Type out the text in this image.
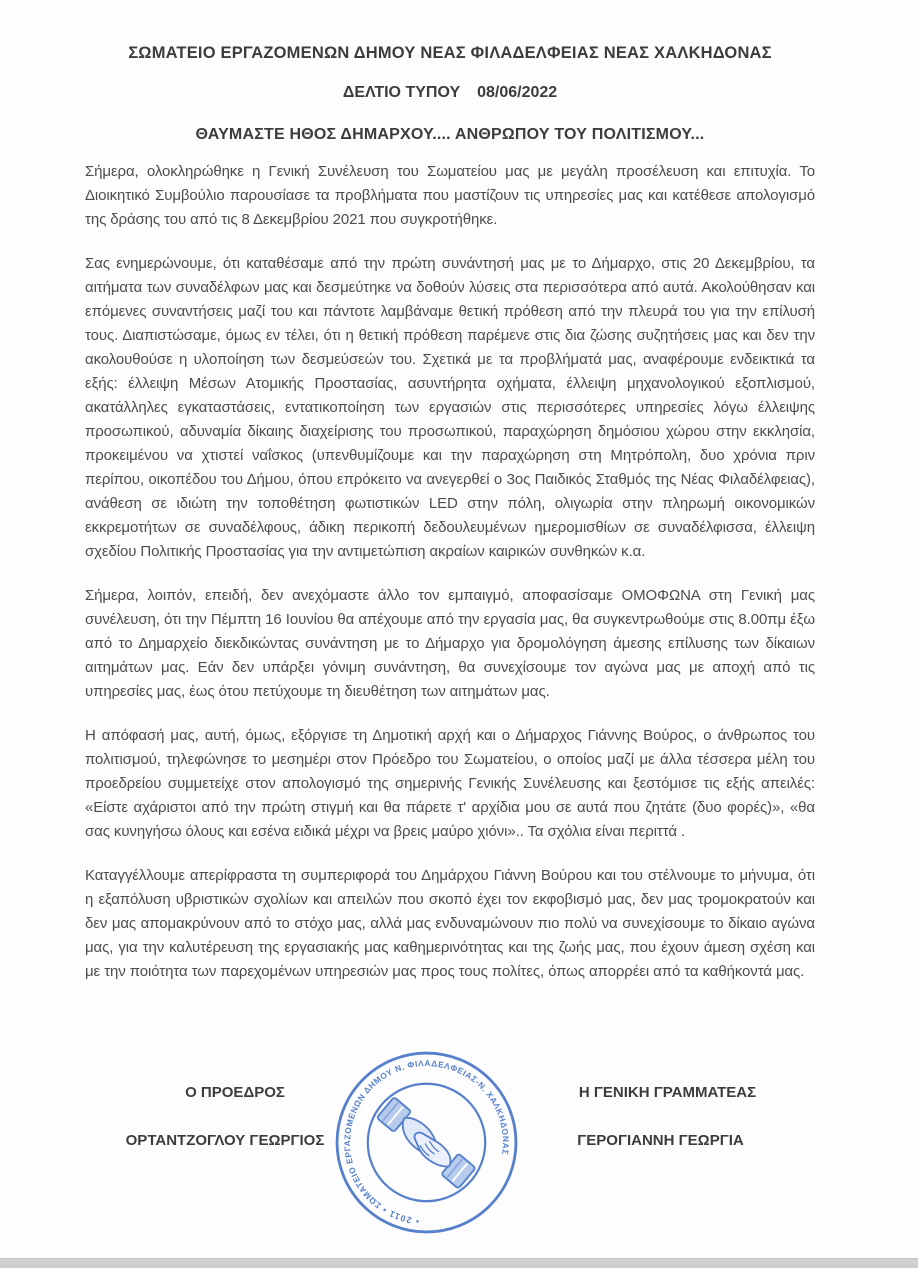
ΣΩΜΑΤΕΙΟ ΕΡΓΑΖΟΜΕΝΩΝ ΔΗΜΟΥ ΝΕΑΣ ΦΙΛΑΔΕΛΦΕΙΑΣ ΝΕΑΣ ΧΑΛΚΗΔΟΝΑΣ
ΔΕΛΤΙΟ ΤΥΠΟΥ 08/06/2022
ΘΑΥΜΑΣΤΕ ΗΘΟΣ ΔΗΜΑΡΧΟΥ.... ΑΝΘΡΩΠΟΥ ΤΟΥ ΠΟΛΙΤΙΣΜΟΥ...

Σήμερα, ολοκληρώθηκε η Γενική Συνέλευση του Σωματείου μας με μεγάλη προσέλευση και επιτυχία. Το Διοικητικό Συμβούλιο παρουσίασε τα προβλήματα που μαστίζουν τις υπηρεσίες μας και κατέθεσε απολογισμό της δράσης του από τις 8 Δεκεμβρίου 2021 που συγκροτήθηκε.

Σας ενημερώνουμε, ότι καταθέσαμε από την πρώτη συνάντησή μας με το Δήμαρχο, στις 20 Δεκεμβρίου, τα αιτήματα των συναδέλφων μας και δεσμεύτηκε να δοθούν λύσεις στα περισσότερα από αυτά. Ακολούθησαν και επόμενες συναντήσεις μαζί του και πάντοτε λαμβάναμε θετική πρόθεση από την πλευρά του για την επίλυσή τους. Διαπιστώσαμε, όμως εν τέλει, ότι η θετική πρόθεση παρέμενε στις δια ζώσης συζητήσεις μας και δεν την ακολουθούσε η υλοποίηση των δεσμεύσεών του. Σχετικά με τα προβλήματά μας, αναφέρουμε ενδεικτικά τα εξής: έλλειψη Μέσων Ατομικής Προστασίας, ασυντήρητα οχήματα, έλλειψη μηχανολογικού εξοπλισμού, ακατάλληλες εγκαταστάσεις, εντατικοποίηση των εργασιών στις περισσότερες υπηρεσίες λόγω έλλειψης προσωπικού, αδυναμία δίκαιης διαχείρισης του προσωπικού, παραχώρηση δημόσιου χώρου στην εκκλησία, προκειμένου να χτιστεί ναΐσκος (υπενθυμίζουμε και την παραχώρηση στη Μητρόπολη, δυο χρόνια πριν περίπου, οικοπέδου του Δήμου, όπου επρόκειτο να ανεγερθεί ο 3ος Παιδικός Σταθμός της Νέας Φιλαδέλφειας), ανάθεση σε ιδιώτη την τοποθέτηση φωτιστικών LED στην πόλη, ολιγωρία στην πληρωμή οικονομικών εκκρεμοτήτων σε συναδέλφους, άδικη περικοπή δεδουλευμένων ημερομισθίων σε συναδέλφισσα, έλλειψη σχεδίου Πολιτικής Προστασίας για την αντιμετώπιση ακραίων καιρικών συνθηκών κ.α.

Σήμερα, λοιπόν, επειδή, δεν ανεχόμαστε άλλο τον εμπαιγμό, αποφασίσαμε ΟΜΟΦΩΝΑ στη Γενική μας συνέλευση, ότι την Πέμπτη 16 Ιουνίου θα απέχουμε από την εργασία μας, θα συγκεντρωθούμε στις 8.00πμ έξω από το Δημαρχείο διεκδικώντας συνάντηση με το Δήμαρχο για δρομολόγηση άμεσης επίλυσης των δίκαιων αιτημάτων μας. Εάν δεν υπάρξει γόνιμη συνάντηση, θα συνεχίσουμε τον αγώνα μας με αποχή από τις υπηρεσίες μας, έως ότου πετύχουμε τη διευθέτηση των αιτημάτων μας.

Η απόφασή μας, αυτή, όμως, εξόργισε τη Δημοτική αρχή και ο Δήμαρχος Γιάννης Βούρος, ο άνθρωπος του πολιτισμού, τηλεφώνησε το μεσημέρι στον Πρόεδρο του Σωματείου, ο οποίος μαζί με άλλα τέσσερα μέλη του προεδρείου συμμετείχε στον απολογισμό της σημερινής Γενικής Συνέλευσης και ξεστόμισε τις εξής απειλές: «Είστε αχάριστοι από την πρώτη στιγμή και θα πάρετε τ' αρχίδια μου σε αυτά που ζητάτε (δυο φορές)», «θα σας κυνηγήσω όλους και εσένα ειδικά μέχρι να βρεις μαύρο χιόνι».. Τα σχόλια είναι περιττά .

Καταγγέλλουμε απερίφραστα τη συμπεριφορά του Δημάρχου Γιάννη Βούρου και του στέλνουμε το μήνυμα, ότι η εξαπόλυση υβριστικών σχολίων και απειλών που σκοπό έχει τον εκφοβισμό μας, δεν μας τρομοκρατούν και δεν μας απομακρύνουν από το στόχο μας, αλλά μας ενδυναμώνουν πιο πολύ να συνεχίσουμε το δίκαιο αγώνα μας, για την καλυτέρευση της εργασιακής μας καθημερινότητας και της ζωής μας, που έχουν άμεση σχέση και με την ποιότητα των παρεχομένων υπηρεσιών μας προς τους πολίτες, όπως απορρέει από τα καθήκοντά μας.

Ο ΠΡΟΕΔΡΟΣ
ΟΡΤΑΝΤΖΟΓΛΟΥ ΓΕΩΡΓΙΟΣ
Η ΓΕΝΙΚΗ ΓΡΑΜΜΑΤΕΑΣ
ΓΕΡΟΓΙΑΝΝΗ ΓΕΩΡΓΙΑ
ΣΩΜΑΤΕΙΟ ΕΡΓΑΖΟΜΕΝΩΝ ΔΗΜΟΥ Ν. ΦΙΛΑΔΕΛΦΕΙΑΣ-Ν. ΧΑΛΚΗΔΟΝΑΣ
• 2011 •
